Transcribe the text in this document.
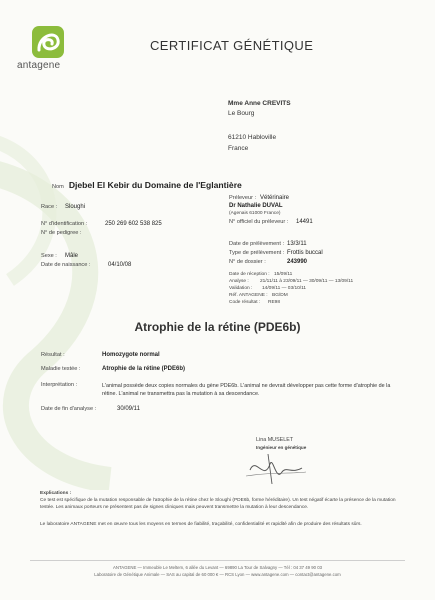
antagene
CERTIFICAT GÉNÉTIQUE
Mme Anne CREVITS
Le Bourg
61210 Habloville
France
Nom Djebel El Kebir du Domaine de l'Eglantière
Race : Sloughi
N° d'identification :	250 269 602 538 825
N° de pedigree :
Sexe : Mâle
Date de naissance :	04/10/08
Préleveur : Vétérinaire
Dr Nathalie DUVAL
(Agenais 61000 France)
N° officiel du préleveur : 14491
Date de prélèvement : 13/3/11
Type de prélèvement : Frottis buccal
N° de dossier :	243990
Date de réception : 15/09/11
Analyse : 21/11/11 à 23/09/11 — 30/09/11 — 13/09/11
Validation : 14/09/11 — 03/10/11
Réf. ANTAGENE : BG/DM
Code résultat : RE98
Atrophie de la rétine (PDE6b)
Résultat :	Homozygote normal
Maladie testée :	Atrophie de la rétine (PDE6b)
Interprétation :	L'animal possède deux copies normales du gène PDE6b. L'animal ne devrait développer pas cette forme d'atrophie de la rétine. L'animal ne transmettra pas la mutation à sa descendance.
Date de fin d'analyse :	30/09/11
Lina MUSELET
Ingénieur en génétique
Explications :
Ce test est spécifique de la mutation responsable de l'atrophie de la rétine chez le Sloughi (PDE6b, forme héréditaire). Un test négatif écarte la présence de la mutation testée. Les animaux porteurs ne présentent pas de signes cliniques mais peuvent transmettre la mutation à leur descendance.
Le laboratoire ANTAGENE met en œuvre tous les moyens en termes de fiabilité, traçabilité, confidentialité et rapidité afin de produire des résultats sûrs.
ANTAGENE — Immeuble Le Meltem, 6 allée du Levant — 69890 La Tour de Salvagny — Tél : 04 37 49 90 03
Laboratoire de Génétique Animale — SAS au capital de 60 000 € — RCS Lyon — www.antagene.com — contact@antagene.com
